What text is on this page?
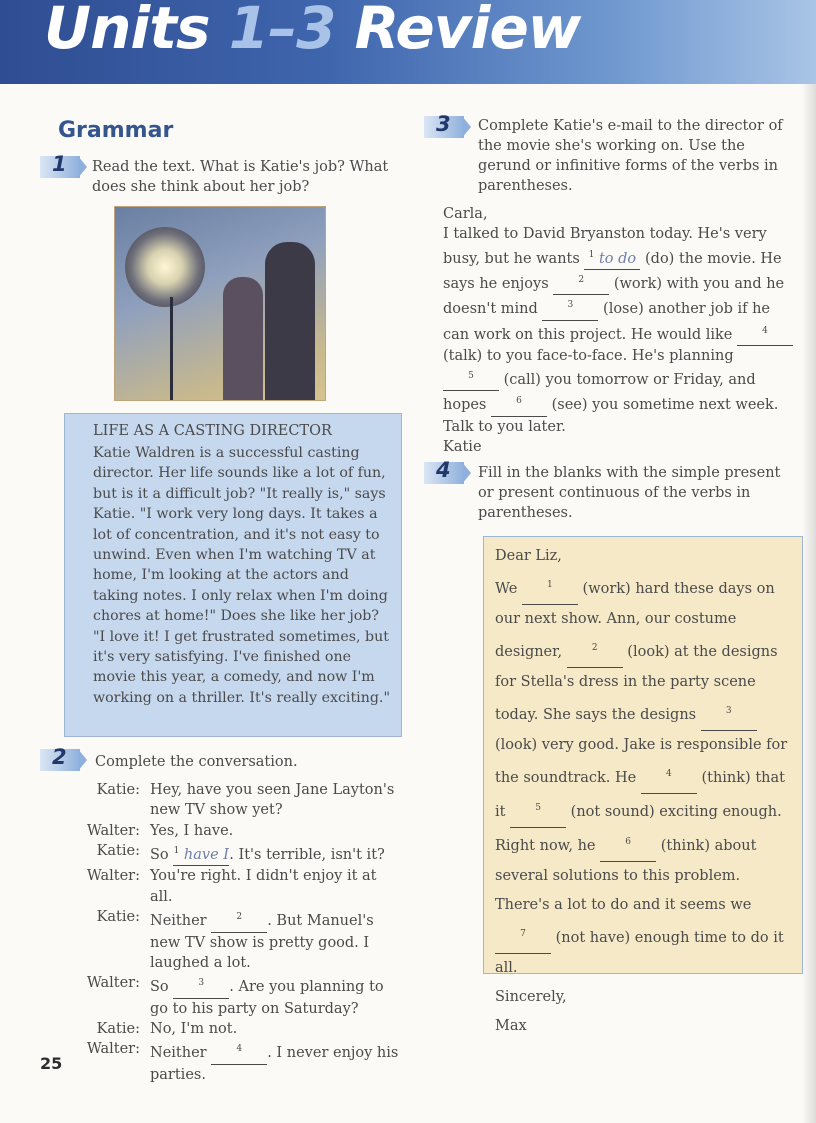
Units 1–3 Review
Grammar
1 Read the text. What is Katie's job? What does she think about her job?
LIFE AS A CASTING DIRECTOR
Katie Waldren is a successful casting director. Her life sounds like a lot of fun, but is it a difficult job? "It really is," says Katie. "I work very long days. It takes a lot of concentration, and it's not easy to unwind. Even when I'm watching TV at home, I'm looking at the actors and taking notes. I only relax when I'm doing chores at home!" Does she like her job? "I love it! I get frustrated sometimes, but it's very satisfying. I've finished one movie this year, a comedy, and now I'm working on a thriller. It's really exciting."
2 Complete the conversation.
Katie: Hey, have you seen Jane Layton's new TV show yet?
Walter: Yes, I have.
Katie: So $^1$ have I. It's terrible, isn't it?
Walter: You're right. I didn't enjoy it at all.
Katie: Neither	$^2$ . But Manuel's new TV show is pretty good. I laughed a lot.
Walter: So	$^3$ . Are you planning to go to his party on Saturday?
Katie: No, I'm not.
Walter: Neither	$^4$ . I never enjoy his parties.
3 Complete Katie's e-mail to the director of the movie she's working on. Use the gerund or infinitive forms of the verbs in parentheses.
Carla,
I talked to David Bryanston today. He's very busy, but he wants $^1$ to do (do) the movie. He says he enjoys	$^2$ (work) with you and he doesn't mind	$^3$ (lose) another job if he can work on this project. He would like	$^4$ (talk) to you face-to-face. He's planning $^5$ (call) you tomorrow or Friday, and hopes	$^6$ (see) you sometime next week.
Talk to you later.
Katie
4 Fill in the blanks with the simple present or present continuous of the verbs in parentheses.
Dear Liz,
We	$^1$ (work) hard these days on our next show. Ann, our costume designer,	$^2$ (look) at the designs for Stella's dress in the party scene today. She says the designs	$^3$ (look) very good. Jake is responsible for the soundtrack. He	$^4$ (think) that it	$^5$ (not sound) exciting enough. Right now, he	$^6$ (think) about several solutions to this problem. There's a lot to do and it seems we $^7$ (not have) enough time to do it all.
Sincerely,
Max
25
